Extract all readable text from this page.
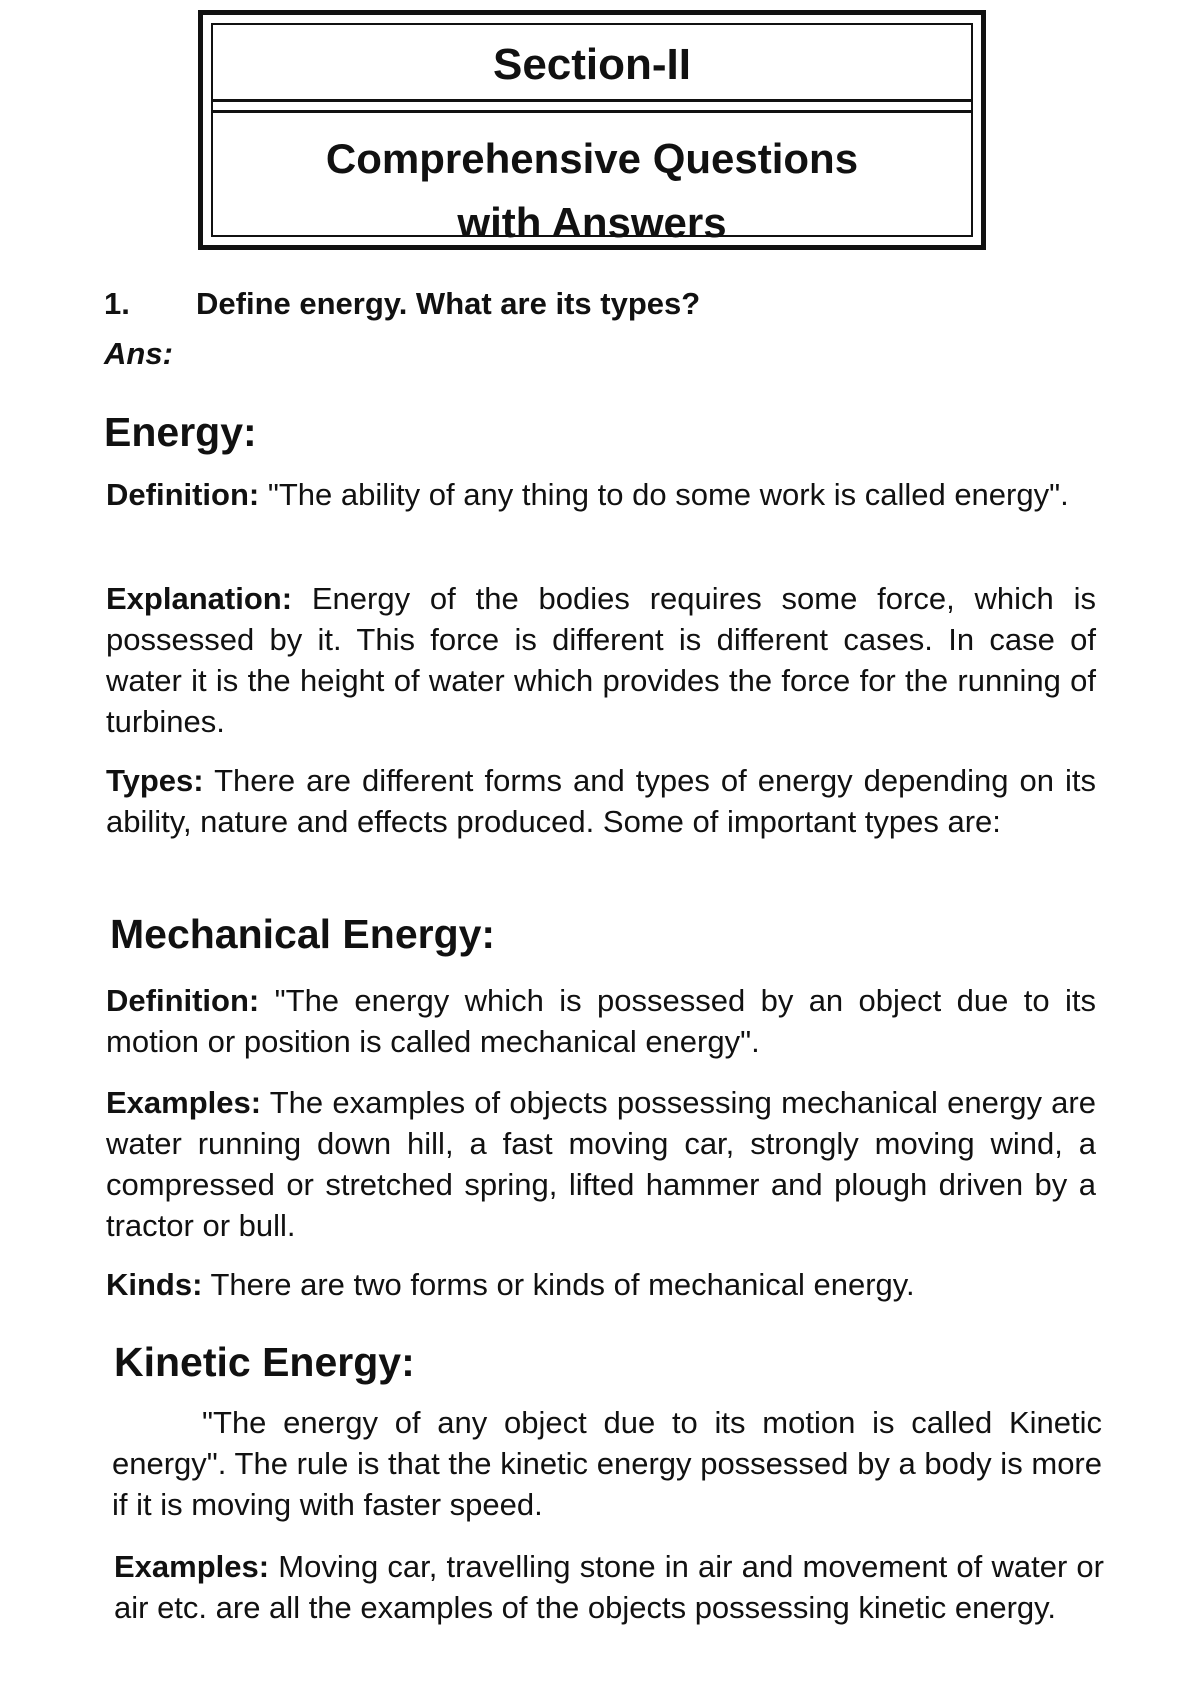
Section-II
Comprehensive Questions
with Answers
1. Define energy. What are its types?
Ans:
Energy:
Definition: "The ability of any thing to do some work is called energy".
Explanation: Energy of the bodies requires some force, which is possessed by it. This force is different is different cases. In case of water it is the height of water which provides the force for the running of turbines.
Types: There are different forms and types of energy depending on its ability, nature and effects produced. Some of important types are:
Mechanical Energy:
Definition: "The energy which is possessed by an object due to its motion or position is called mechanical energy".
Examples: The examples of objects possessing mechanical energy are water running down hill, a fast moving car, strongly moving wind, a compressed or stretched spring, lifted hammer and plough driven by a tractor or bull.
Kinds: There are two forms or kinds of mechanical energy.
Kinetic Energy:
"The energy of any object due to its motion is called Kinetic energy". The rule is that the kinetic energy possessed by a body is more if it is moving with faster speed.
Examples: Moving car, travelling stone in air and movement of water or air etc. are all the examples of the objects possessing kinetic energy.
